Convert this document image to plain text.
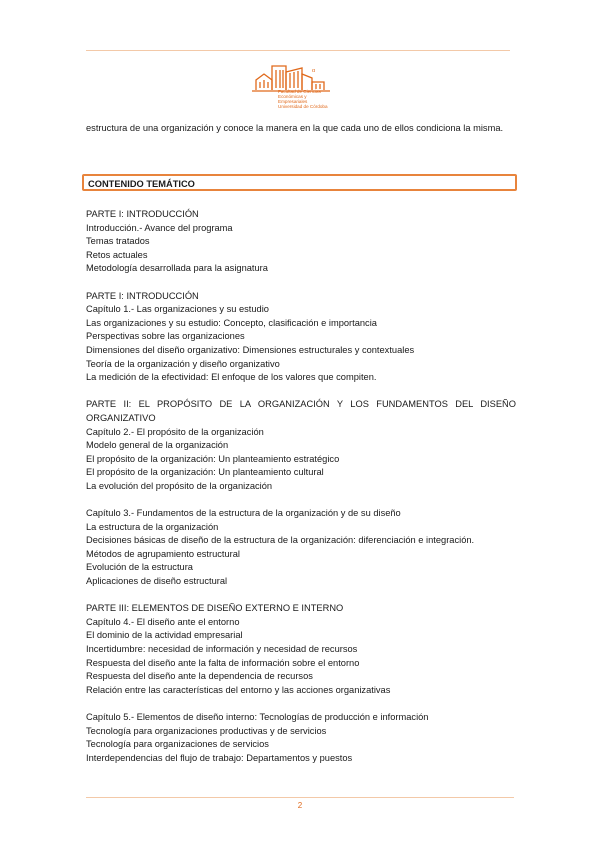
α
Facultad de Ciencias
Económicas y Empresariales
Universidad de Córdoba
estructura de una organización y conoce la manera en la que cada uno de ellos condiciona la misma.
CONTENIDO TEMÁTICO

PARTE I: INTRODUCCIÓN

Introducción.- Avance del programa

Temas tratados

Retos actuales

Metodología desarrollada para la asignatura

PARTE I: INTRODUCCIÓN

Capítulo 1.- Las organizaciones y su estudio

Las organizaciones y su estudio: Concepto, clasificación e importancia

Perspectivas sobre las organizaciones

Dimensiones del diseño organizativo: Dimensiones estructurales y contextuales

Teoría de la organización y diseño organizativo

La medición de la efectividad: El enfoque de los valores que compiten.

PARTE II: EL PROPÓSITO DE LA ORGANIZACIÓN Y LOS FUNDAMENTOS DEL DISEÑO ORGANIZATIVO

Capítulo 2.- El propósito de la organización

Modelo general de la organización

El propósito de la organización: Un planteamiento estratégico

El propósito de la organización: Un planteamiento cultural

La evolución del propósito de la organización

Capítulo 3.- Fundamentos de la estructura de la organización y de su diseño

La estructura de la organización

Decisiones básicas de diseño de la estructura de la organización: diferenciación e integración.

Métodos de agrupamiento estructural

Evolución de la estructura

Aplicaciones de diseño estructural

PARTE III: ELEMENTOS DE DISEÑO EXTERNO E INTERNO

Capítulo 4.- El diseño ante el entorno

El dominio de la actividad empresarial

Incertidumbre: necesidad de información y necesidad de recursos

Respuesta del diseño ante la falta de información sobre el entorno

Respuesta del diseño ante la dependencia de recursos

Relación entre las características del entorno y las acciones organizativas

Capítulo 5.- Elementos de diseño interno: Tecnologías de producción e información

Tecnología para organizaciones productivas y de servicios

Tecnología para organizaciones de servicios

Interdependencias del flujo de trabajo: Departamentos y puestos

2
